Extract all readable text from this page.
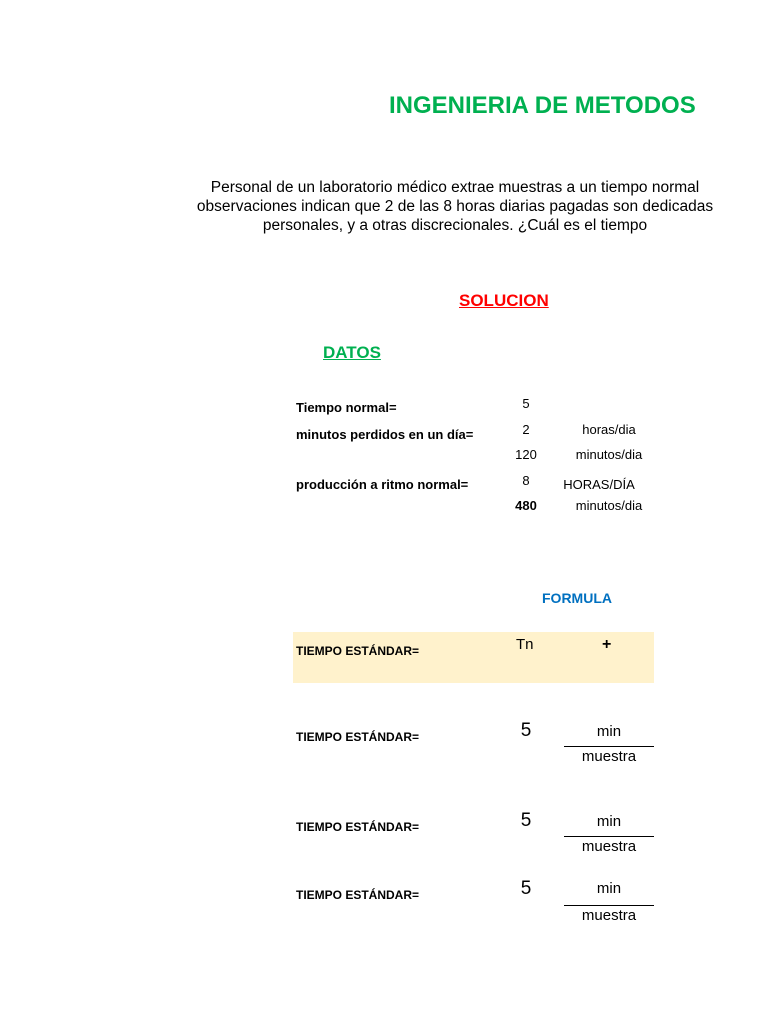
INGENIERIA DE METODOS
Personal de un laboratorio médico extrae muestras a un tiempo normal
observaciones indican que 2 de las 8 horas diarias pagadas son dedicadas
personales, y a otras discrecionales. ¿Cuál es el tiempo
SOLUCION
DATOS
Tiempo normal=	5
minutos perdidos en un día=	2	horas/dia
120	minutos/dia
producción a ritmo normal=	8	HORAS/DÍA
480	minutos/dia
FORMULA
TIEMPO ESTÁNDAR=	Tn	+
TIEMPO ESTÁNDAR=	5	min
muestra
TIEMPO ESTÁNDAR=	5	min
muestra
TIEMPO ESTÁNDAR=	5	min
muestra
